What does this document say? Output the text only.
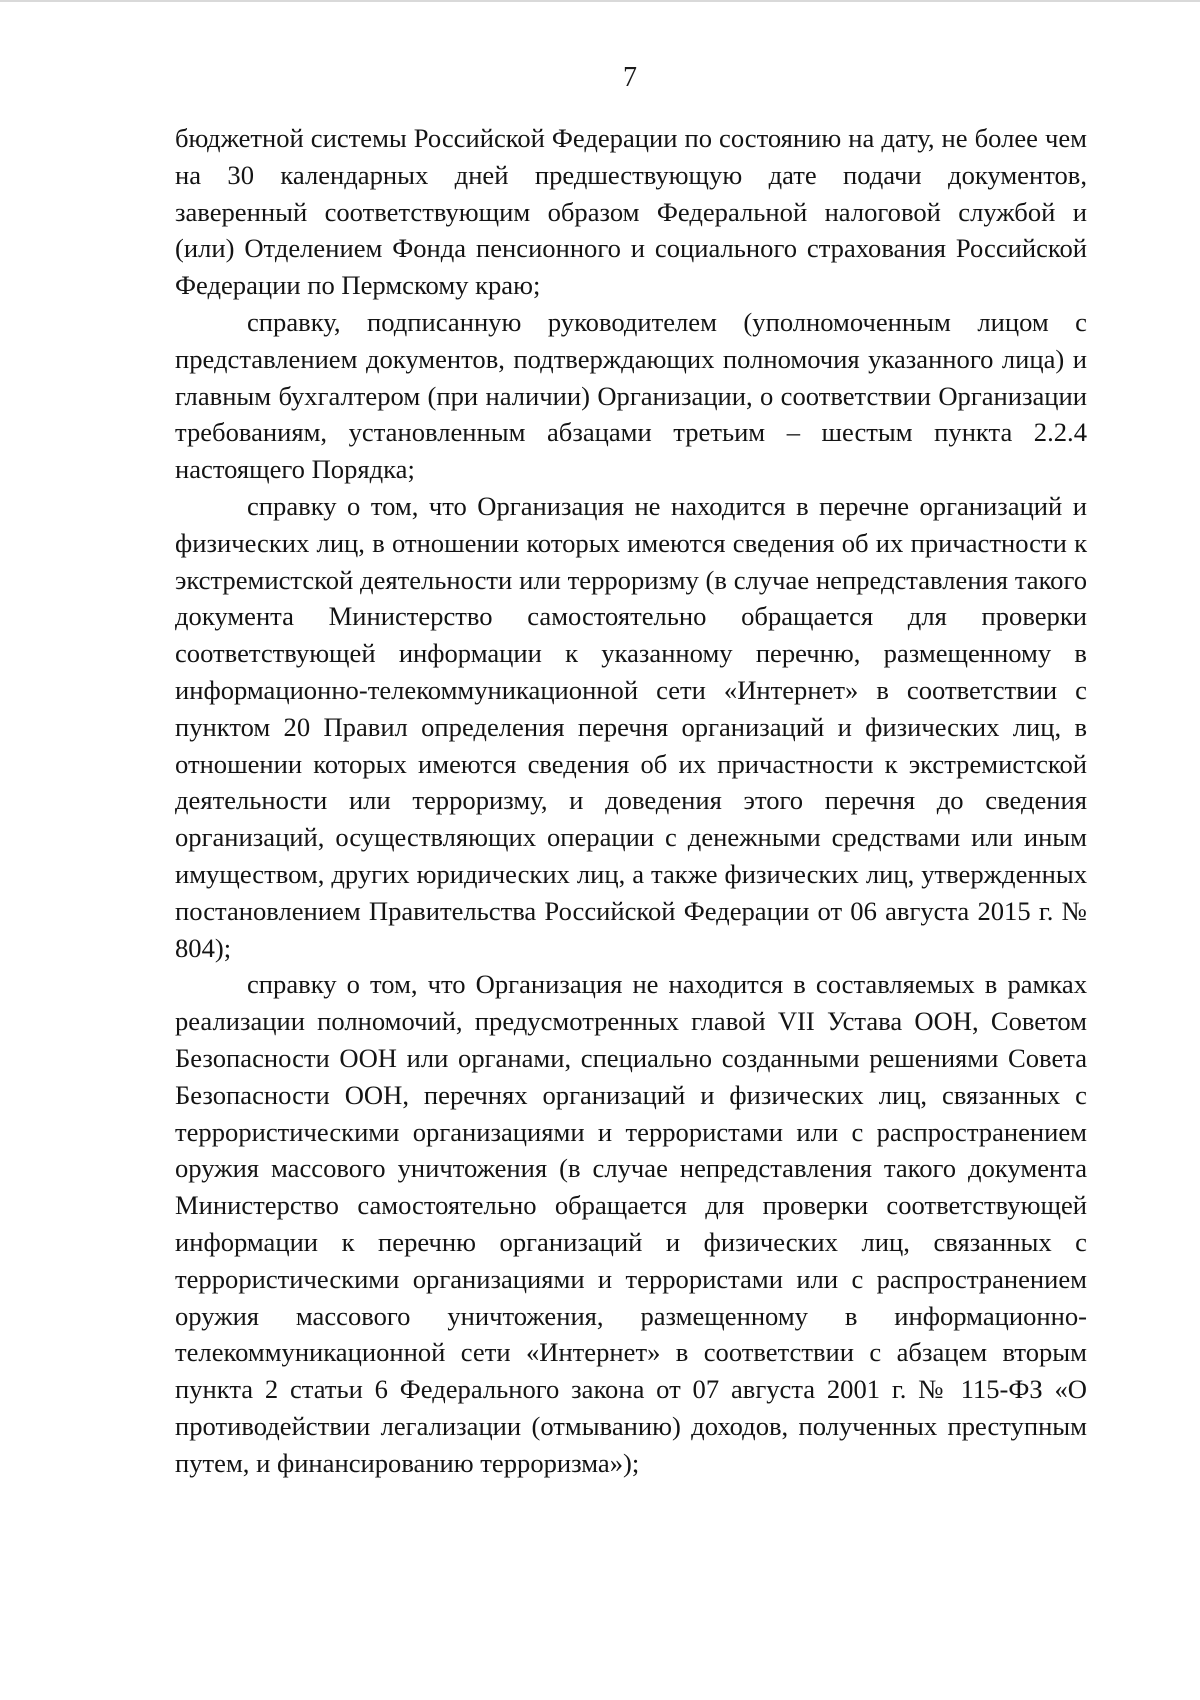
7

бюджетной системы Российской Федерации по состоянию на дату, не более чем на 30 календарных дней предшествующую дате подачи документов, заверенный соответствующим образом Федеральной налоговой службой и (или) Отделением Фонда пенсионного и социального страхования Российской Федерации по Пермскому краю;

справку, подписанную руководителем (уполномоченным лицом с представлением документов, подтверждающих полномочия указанного лица) и главным бухгалтером (при наличии) Организации, о соответствии Организации требованиям, установленным абзацами третьим – шестым пункта 2.2.4 настоящего Порядка;

справку о том, что Организация не находится в перечне организаций и физических лиц, в отношении которых имеются сведения об их причастности к экстремистской деятельности или терроризму (в случае непредставления такого документа Министерство самостоятельно обращается для проверки соответствующей информации к указанному перечню, размещенному в информационно-телекоммуникационной сети «Интернет» в соответствии с пунктом 20 Правил определения перечня организаций и физических лиц, в отношении которых имеются сведения об их причастности к экстремистской деятельности или терроризму, и доведения этого перечня до сведения организаций, осуществляющих операции с денежными средствами или иным имуществом, других юридических лиц, а также физических лиц, утвержденных постановлением Правительства Российской Федерации от 06 августа 2015 г. № 804);

справку о том, что Организация не находится в составляемых в рамках реализации полномочий, предусмотренных главой VII Устава ООН, Советом Безопасности ООН или органами, специально созданными решениями Совета Безопасности ООН, перечнях организаций и физических лиц, связанных с террористическими организациями и террористами или с распространением оружия массового уничтожения (в случае непредставления такого документа Министерство самостоятельно обращается для проверки соответствующей информации к перечню организаций и физических лиц, связанных с террористическими организациями и террористами или с распространением оружия массового уничтожения, размещенному в информационно-телекоммуникационной сети «Интернет» в соответствии с абзацем вторым пункта 2 статьи 6 Федерального закона от 07 августа 2001 г. № 115-ФЗ «О противодействии легализации (отмыванию) доходов, полученных преступным путем, и финансированию терроризма»);
